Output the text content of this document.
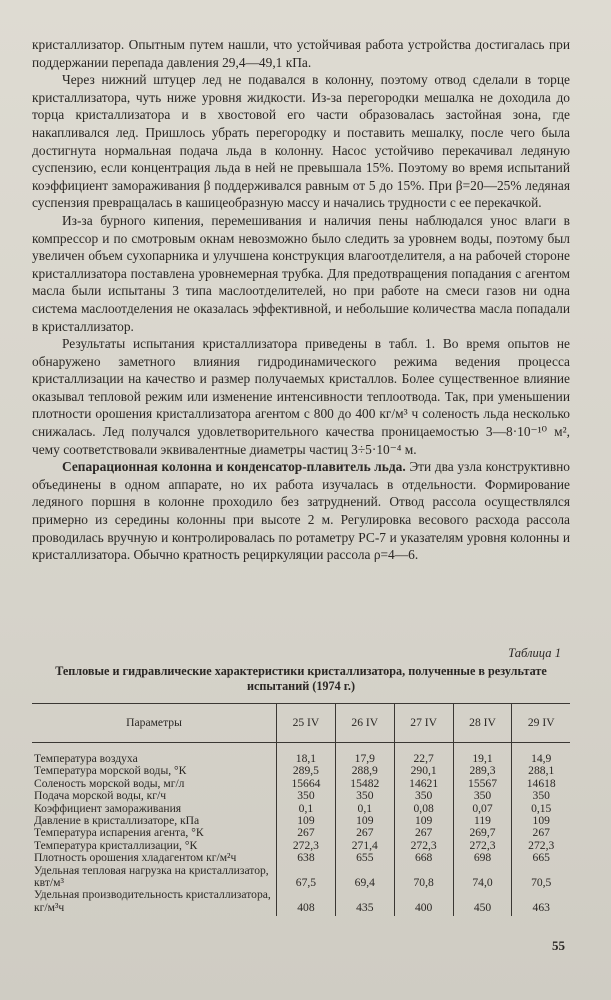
кристаллизатор. Опытным путем нашли, что устойчивая работа устройства достигалась при поддержании перепада давления 29,4—49,1 кПа.

Через нижний штуцер лед не подавался в колонну, поэтому отвод сделали в торце кристаллизатора, чуть ниже уровня жидкости. Из-за перегородки мешалка не доходила до торца кристаллизатора и в хвостовой его части образовалась застойная зона, где накапливался лед. Пришлось убрать перегородку и поставить мешалку, после чего была достигнута нормальная подача льда в колонну. Насос устойчиво перекачивал ледяную суспензию, если концентрация льда в ней не превышала 15%. Поэтому во время испытаний коэффициент замораживания β поддерживался равным от 5 до 15%. При β=20—25% ледяная суспензия превращалась в кашицеобразную массу и начались трудности с ее перекачкой.

Из-за бурного кипения, перемешивания и наличия пены наблюдался унос влаги в компрессор и по смотровым окнам невозможно было следить за уровнем воды, поэтому был увеличен объем сухопарника и улучшена конструкция влагоотделителя, а на рабочей стороне кристаллизатора поставлена уровнемерная трубка. Для предотвращения попадания с агентом масла были испытаны 3 типа маслоотделителей, но при работе на смеси газов ни одна система маслоотделения не оказалась эффективной, и небольшие количества масла попадали в кристаллизатор.

Результаты испытания кристаллизатора приведены в табл. 1. Во время опытов не обнаружено заметного влияния гидродинамического режима ведения процесса кристаллизации на качество и размер получаемых кристаллов. Более существенное влияние оказывал тепловой режим или изменение интенсивности теплоотвода. Так, при уменьшении плотности орошения кристаллизатора агентом с 800 до 400 кг/м³ ч соленость льда несколько снижалась. Лед получался удовлетворительного качества проницаемостью 3—8·10⁻¹⁰ м², чему соответствовали эквивалентные диаметры частиц 3÷5·10⁻⁴ м.

Сепарационная колонна и конденсатор-плавитель льда. Эти два узла конструктивно объединены в одном аппарате, но их работа изучалась в отдельности. Формирование ледяного поршня в колонне проходило без затруднений. Отвод рассола осуществлялся примерно из середины колонны при высоте 2 м. Регулировка весового расхода рассола проводилась вручную и контролировалась по ротаметру РС-7 и указателям уровня колонны и кристаллизатора. Обычно кратность рециркуляции рассола ρ=4—6.

Таблица 1
Тепловые и гидравлические характеристики кристаллизатора, полученные в результате испытаний (1974 г.)
Параметры	25 IV	26 IV	27 IV	28 IV	29 IV

Температура воздуха	18,1	17,9	22,7	19,1	14,9
Температура морской воды, °К	289,5	288,9	290,1	289,3	288,1
Соленость морской воды, мг/л	15664	15482	14621	15567	14618
Подача морской воды, кг/ч	350	350	350	350	350
Коэффициент замораживания	0,1	0,1	0,08	0,07	0,15
Давление в кристаллизаторе, кПа	109	109	109	119	109
Температура испарения агента, °К	267	267	267	269,7	267
Температура кристаллизации, °К	272,3	271,4	272,3	272,3	272,3
Плотность орошения хладагентом кг/м²ч	638	655	668	698	665
Удельная тепловая нагрузка на кристаллизатор, квт/м³	67,5	69,4	70,8	74,0	70,5
Удельная производительность кристаллизатора, кг/м³ч	408	435	400	450	463
55
